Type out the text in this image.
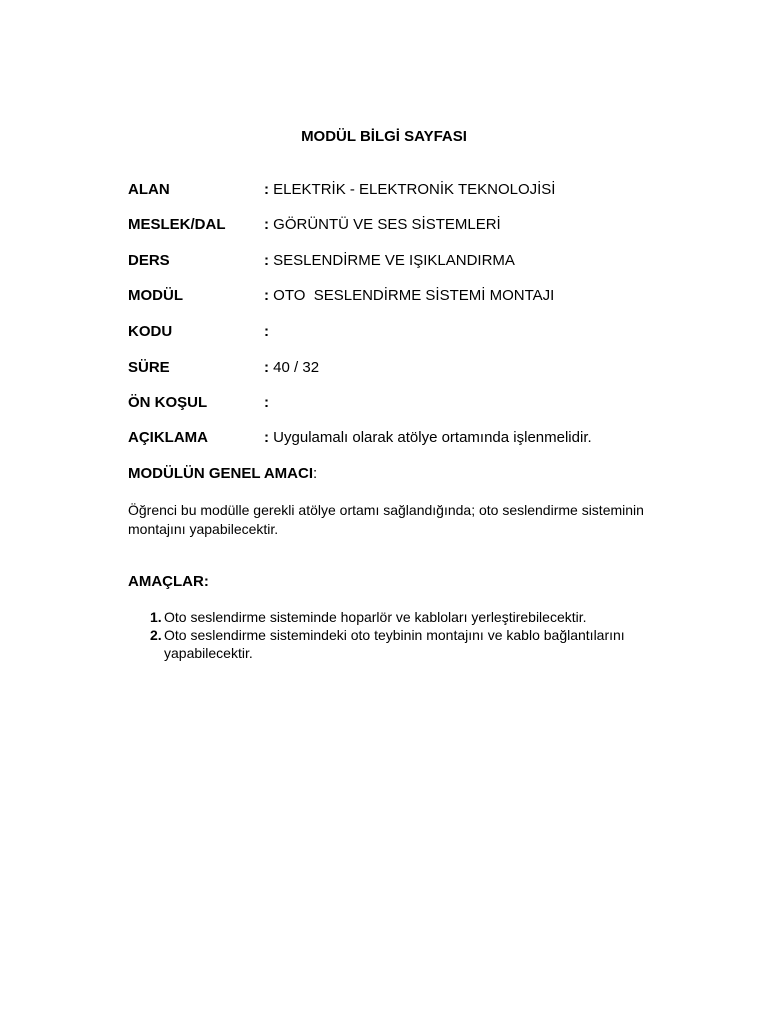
MODÜL BİLGİ SAYFASI
ALAN	: ELEKTRİK - ELEKTRONİK TEKNOLOJİSİ
MESLEK/DAL	: GÖRÜNTÜ VE SES SİSTEMLERİ
DERS	: SESLENDİRME VE IŞIKLANDIRMA
MODÜL	: OTO  SESLENDİRME SİSTEMİ MONTAJI
KODU	:
SÜRE	: 40 / 32
ÖN KOŞUL	:
AÇIKLAMA	: Uygulamalı olarak atölye ortamında işlenmelidir.
MODÜLÜN GENEL AMACI:
Öğrenci bu modülle gerekli atölye ortamı sağlandığında; oto seslendirme sisteminin montajını yapabilecektir.
AMAÇLAR:
1. Oto seslendirme sisteminde hoparlör ve kabloları yerleştirebilecektir.
2. Oto seslendirme sistemindeki oto teybinin montajını ve kablo bağlantılarını yapabilecektir.
